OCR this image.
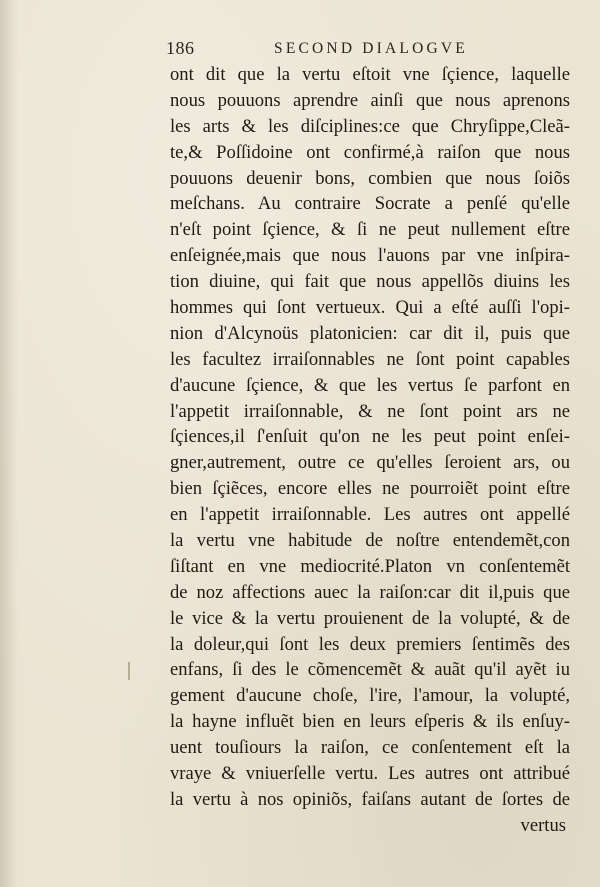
186	SECOND DIALOGVE
ont dit que la vertu eſtoit vne ſçience, laquelle
nous pouuons aprendre ainſi que nous aprenons
les arts & les diſciplines:ce que Chryſippe,Cleã-
te,& Poſſidoine ont confirmé,à raiſon que nous
pouuons deuenir bons, combien que nous ſoiõs
meſchans. Au contraire Socrate a penſé qu'elle
n'eſt point ſçience, & ſi ne peut nullement eſtre
enſeignée,mais que nous l'auons par vne inſpira-
tion diuine, qui fait que nous appellõs diuins les
hommes qui ſont vertueux. Qui a eſté auſſi l'opi-
nion d'Alcynoüs platonicien: car dit il, puis que
les facultez irraiſonnables ne ſont point capables
d'aucune ſçience, & que les vertus ſe parfont en
l'appetit irraiſonnable, & ne ſont point ars ne
ſçiences,il ſ'enſuit qu'on ne les peut point enſei-
gner,autrement, outre ce qu'elles ſeroient ars, ou
bien ſçiẽces, encore elles ne pourroiẽt point eſtre
en l'appetit irraiſonnable. Les autres ont appellé
la vertu vne habitude de noſtre entendemẽt,con
ſiſtant en vne mediocrité.Platon vn conſentemẽt
de noz affections auec la raiſon:car dit il,puis que
le vice & la vertu prouienent de la volupté, & de
la doleur,qui ſont les deux premiers ſentimẽs des
enfans, ſi des le cõmencemẽt & auãt qu'il ayẽt iu
gement d'aucune choſe, l'ire, l'amour, la volupté,
la hayne influẽt bien en leurs eſperis & ils enſuy-
uent touſiours la raiſon, ce conſentement eſt la
vraye & vniuerſelle vertu. Les autres ont attribué
la vertu à nos opiniõs, faiſans autant de ſortes de
vertus
